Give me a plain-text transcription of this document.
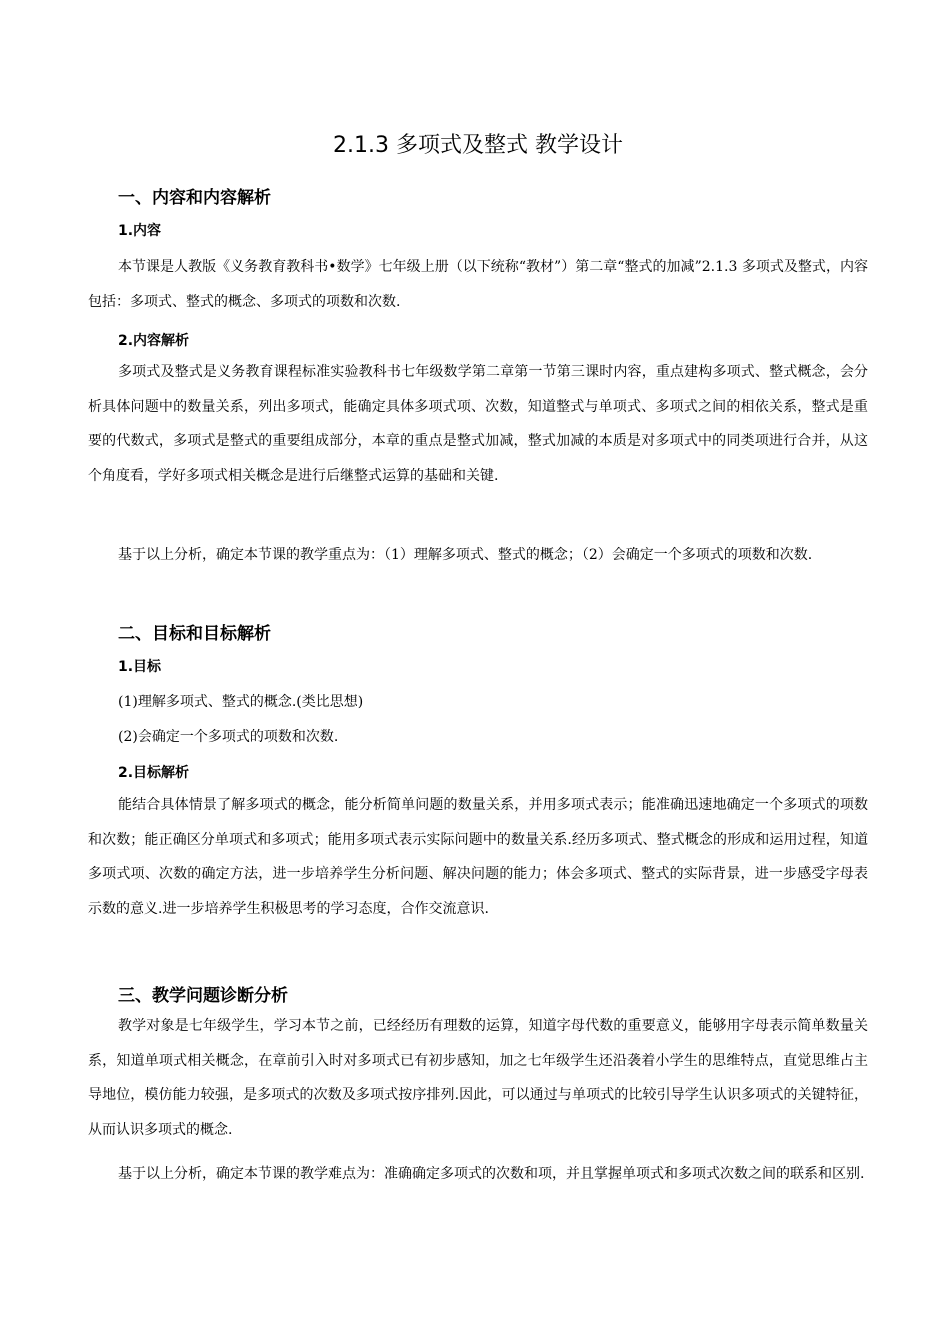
2.1.3 多项式及整式 教学设计
一、内容和内容解析
1.内容
本节课是人教版《义务教育教科书•数学》七年级上册（以下统称“教材”）第二章“整式的加减”2.1.3 多项式及整式，内容包括：多项式、整式的概念、多项式的项数和次数.
2.内容解析
多项式及整式是义务教育课程标准实验教科书七年级数学第二章第一节第三课时内容，重点建构多项式、整式概念，会分析具体问题中的数量关系，列出多项式，能确定具体多项式项、次数，知道整式与单项式、多项式之间的相依关系，整式是重要的代数式，多项式是整式的重要组成部分，本章的重点是整式加减，整式加减的本质是对多项式中的同类项进行合并，从这个角度看，学好多项式相关概念是进行后继整式运算的基础和关键.
基于以上分析，确定本节课的教学重点为：（1）理解多项式、整式的概念；（2）会确定一个多项式的项数和次数.
二、目标和目标解析
1.目标
(1)理解多项式、整式的概念.(类比思想)
(2)会确定一个多项式的项数和次数.
2.目标解析
能结合具体情景了解多项式的概念，能分析简单问题的数量关系，并用多项式表示；能准确迅速地确定一个多项式的项数和次数；能正确区分单项式和多项式；能用多项式表示实际问题中的数量关系.经历多项式、整式概念的形成和运用过程，知道多项式项、次数的确定方法，进一步培养学生分析问题、解决问题的能力；体会多项式、整式的实际背景，进一步感受字母表示数的意义.进一步培养学生积极思考的学习态度，合作交流意识.
三、教学问题诊断分析
教学对象是七年级学生，学习本节之前，已经经历有理数的运算，知道字母代数的重要意义，能够用字母表示简单数量关系，知道单项式相关概念，在章前引入时对多项式已有初步感知，加之七年级学生还沿袭着小学生的思维特点，直觉思维占主导地位，模仿能力较强，是多项式的次数及多项式按序排列.因此，可以通过与单项式的比较引导学生认识多项式的关键特征，从而认识多项式的概念.
基于以上分析，确定本节课的教学难点为：准确确定多项式的次数和项，并且掌握单项式和多项式次数之间的联系和区别.
